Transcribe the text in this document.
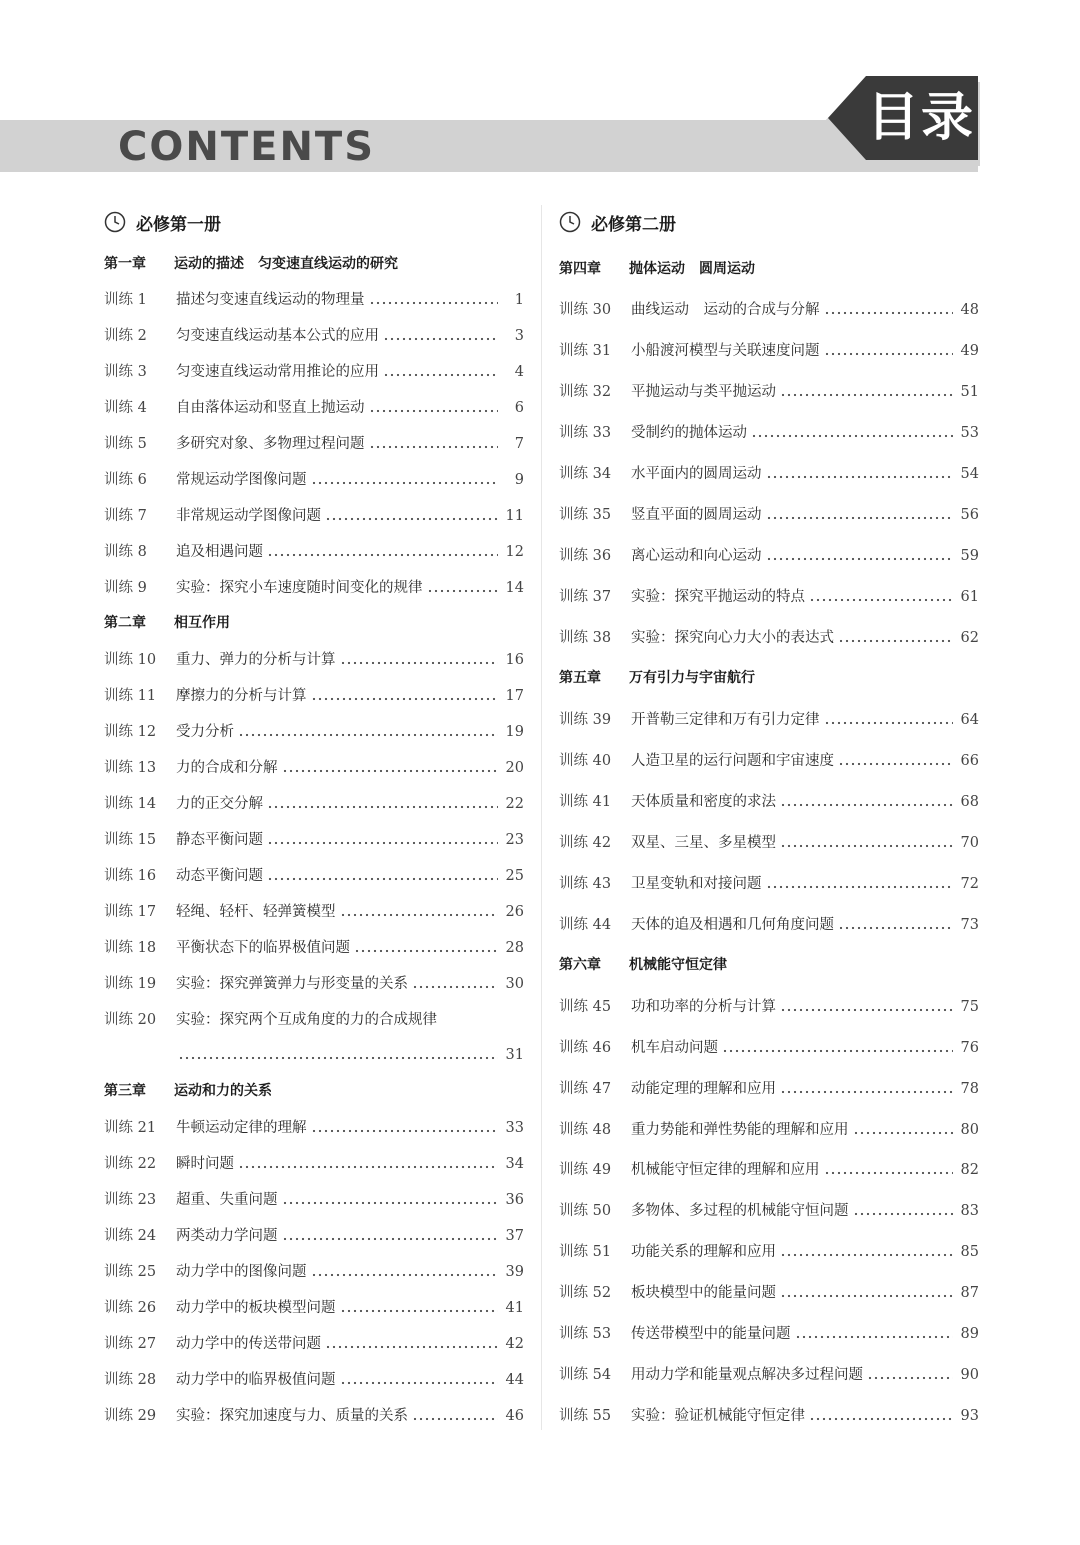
CONTENTS	目录
必修第一册
第一章 运动的描述　匀变速直线运动的研究
训练 1	描述匀变速直线运动的物理量	1
训练 2	匀变速直线运动基本公式的应用	3
训练 3	匀变速直线运动常用推论的应用	4
训练 4	自由落体运动和竖直上抛运动	6
训练 5	多研究对象、多物理过程问题	7
训练 6	常规运动学图像问题	9
训练 7	非常规运动学图像问题	11
训练 8	追及相遇问题	12
训练 9	实验：探究小车速度随时间变化的规律	14
第二章 相互作用
训练 10	重力、弹力的分析与计算	16
训练 11	摩擦力的分析与计算	17
训练 12	受力分析	19
训练 13	力的合成和分解	20
训练 14	力的正交分解	22
训练 15	静态平衡问题	23
训练 16	动态平衡问题	25
训练 17	轻绳、轻杆、轻弹簧模型	26
训练 18	平衡状态下的临界极值问题	28
训练 19	实验：探究弹簧弹力与形变量的关系	30
训练 20	实验：探究两个互成角度的力的合成规律
31
第三章 运动和力的关系
训练 21	牛顿运动定律的理解	33
训练 22	瞬时问题	34
训练 23	超重、失重问题	36
训练 24	两类动力学问题	37
训练 25	动力学中的图像问题	39
训练 26	动力学中的板块模型问题	41
训练 27	动力学中的传送带问题	42
训练 28	动力学中的临界极值问题	44
训练 29	实验：探究加速度与力、质量的关系	46
必修第二册
第四章 抛体运动　圆周运动
训练 30	曲线运动　运动的合成与分解	48
训练 31	小船渡河模型与关联速度问题	49
训练 32	平抛运动与类平抛运动	51
训练 33	受制约的抛体运动	53
训练 34	水平面内的圆周运动	54
训练 35	竖直平面的圆周运动	56
训练 36	离心运动和向心运动	59
训练 37	实验：探究平抛运动的特点	61
训练 38	实验：探究向心力大小的表达式	62
第五章 万有引力与宇宙航行
训练 39	开普勒三定律和万有引力定律	64
训练 40	人造卫星的运行问题和宇宙速度	66
训练 41	天体质量和密度的求法	68
训练 42	双星、三星、多星模型	70
训练 43	卫星变轨和对接问题	72
训练 44	天体的追及相遇和几何角度问题	73
第六章 机械能守恒定律
训练 45	功和功率的分析与计算	75
训练 46	机车启动问题	76
训练 47	动能定理的理解和应用	78
训练 48	重力势能和弹性势能的理解和应用	80
训练 49	机械能守恒定律的理解和应用	82
训练 50	多物体、多过程的机械能守恒问题	83
训练 51	功能关系的理解和应用	85
训练 52	板块模型中的能量问题	87
训练 53	传送带模型中的能量问题	89
训练 54	用动力学和能量观点解决多过程问题	90
训练 55	实验：验证机械能守恒定律	93
